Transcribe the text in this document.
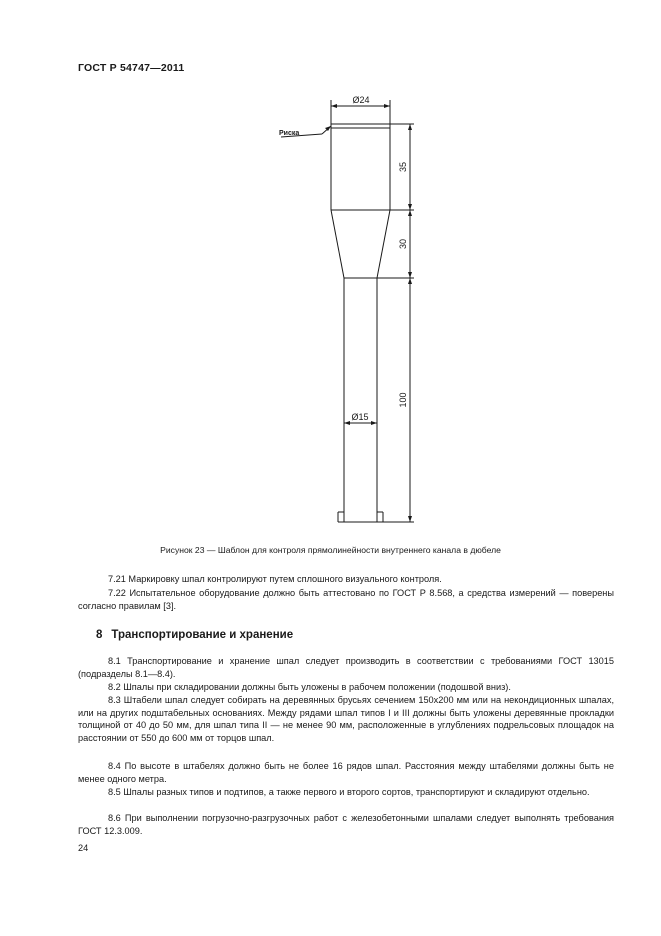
ГОСТ Р 54747—2011
Ø24
Ø15
Риска
35
30
100
Рисунок 23 — Шаблон для контроля прямолинейности внутреннего канала в дюбеле
7.21 Маркировку шпал контролируют путем сплошного визуального контроля.
7.22 Испытательное оборудование должно быть аттестовано по ГОСТ Р 8.568, а средства измерений — поверены согласно правилам [3].
8 Транспортирование и хранение
8.1 Транспортирование и хранение шпал следует производить в соответствии с требованиями ГОСТ 13015 (подразделы 8.1—8.4).
8.2 Шпалы при складировании должны быть уложены в рабочем положении (подошвой вниз).
8.3 Штабели шпал следует собирать на деревянных брусьях сечением 150х200 мм или на некондиционных шпалах, или на других подштабельных основаниях. Между рядами шпал типов I и III должны быть уложены деревянные прокладки толщиной от 40 до 50 мм, для шпал типа II — не менее 90 мм, расположенные в углублениях подрельсовых площадок на расстоянии от 550 до 600 мм от торцов шпал.
8.4 По высоте в штабелях должно быть не более 16 рядов шпал. Расстояния между штабелями должны быть не менее одного метра.
8.5 Шпалы разных типов и подтипов, а также первого и второго сортов, транспортируют и складируют отдельно.
8.6 При выполнении погрузочно-разгрузочных работ с железобетонными шпалами следует выполнять требования ГОСТ 12.3.009.
24
